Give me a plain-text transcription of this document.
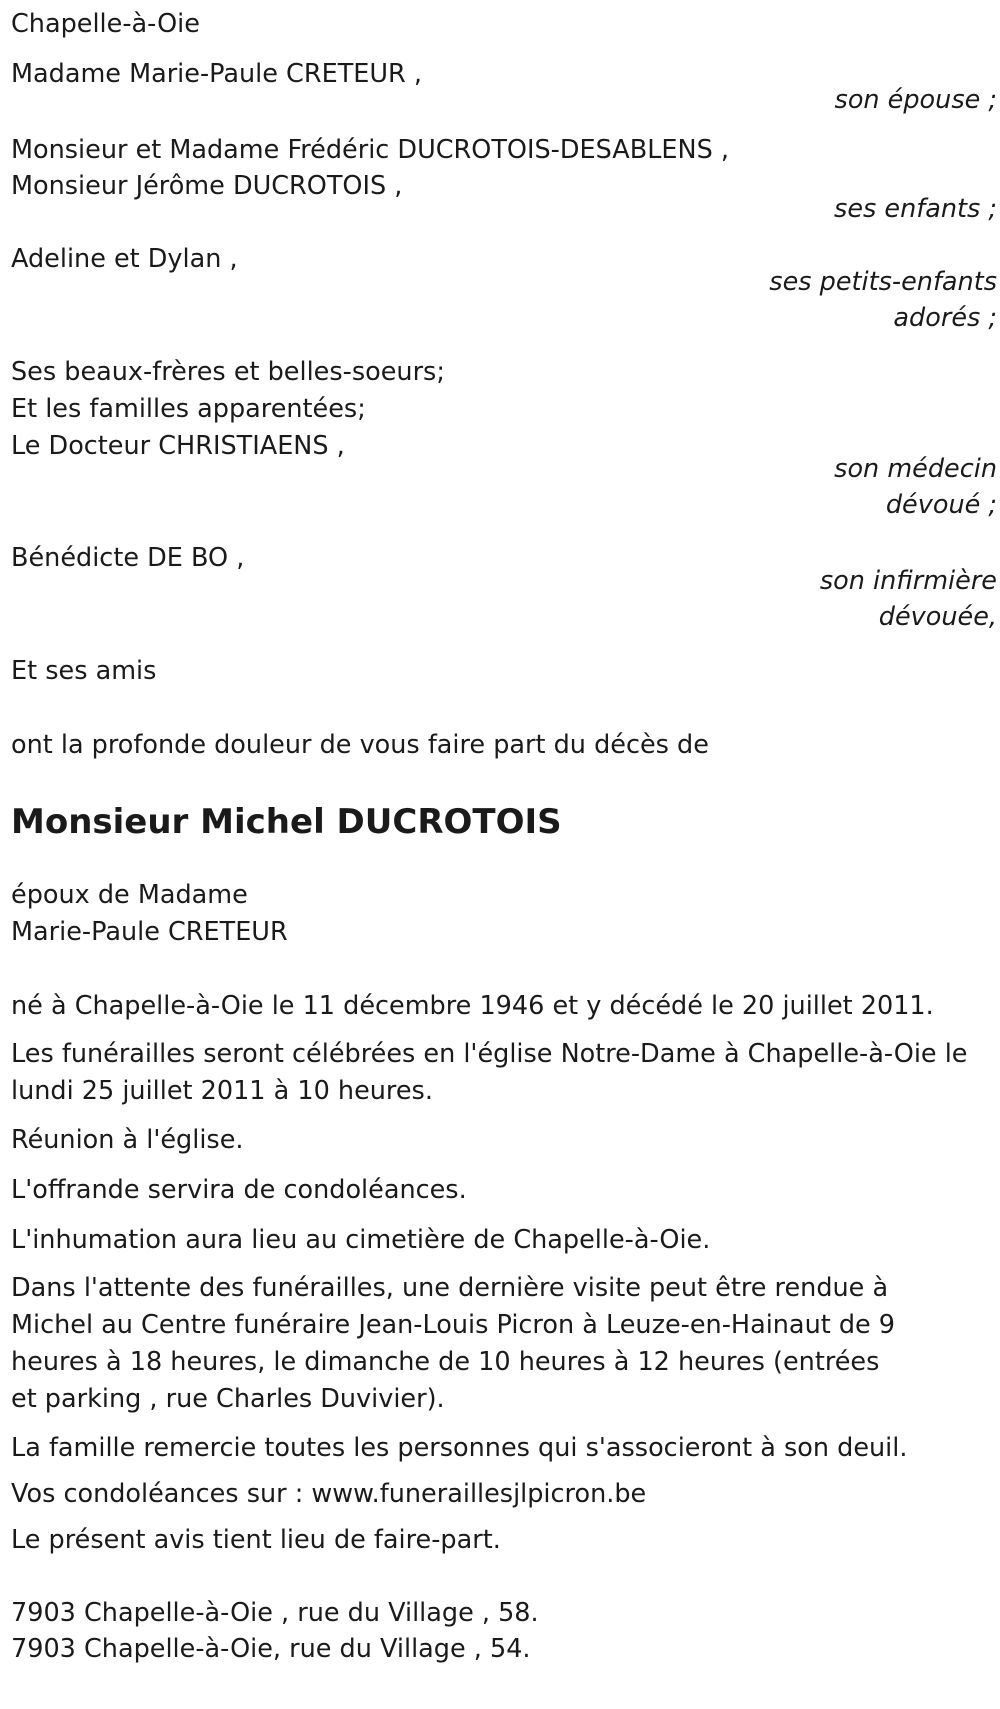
Chapelle-à-Oie
Madame Marie-Paule CRETEUR ,
son épouse ;
Monsieur et Madame Frédéric DUCROTOIS-DESABLENS ,
Monsieur Jérôme DUCROTOIS ,
ses enfants ;
Adeline et Dylan ,
ses petits-enfants
adorés ;
Ses beaux-frères et belles-soeurs;
Et les familles apparentées;
Le Docteur CHRISTIAENS ,
son médecin
dévoué ;
Bénédicte DE BO ,
son infirmière
dévouée,
Et ses amis
ont la profonde douleur de vous faire part du décès de
Monsieur Michel DUCROTOIS
époux de Madame
Marie-Paule CRETEUR
né à Chapelle-à-Oie le 11 décembre 1946 et y décédé le 20 juillet 2011.
Les funérailles seront célébrées en l'église Notre-Dame à Chapelle-à-Oie le lundi 25 juillet 2011 à 10 heures.
Réunion à l'église.
L'offrande servira de condoléances.
L'inhumation aura lieu au cimetière de Chapelle-à-Oie.
Dans l'attente des funérailles, une dernière visite peut être rendue à Michel au Centre funéraire Jean-Louis Picron à Leuze-en-Hainaut de 9 heures à 18 heures, le dimanche de 10 heures à 12 heures (entrées et parking , rue Charles Duvivier).
La famille remercie toutes les personnes qui s'associeront à son deuil.
Vos condoléances sur : www.funeraillesjlpicron.be
Le présent avis tient lieu de faire-part.
7903 Chapelle-à-Oie , rue du Village , 58.
7903 Chapelle-à-Oie, rue du Village , 54.
